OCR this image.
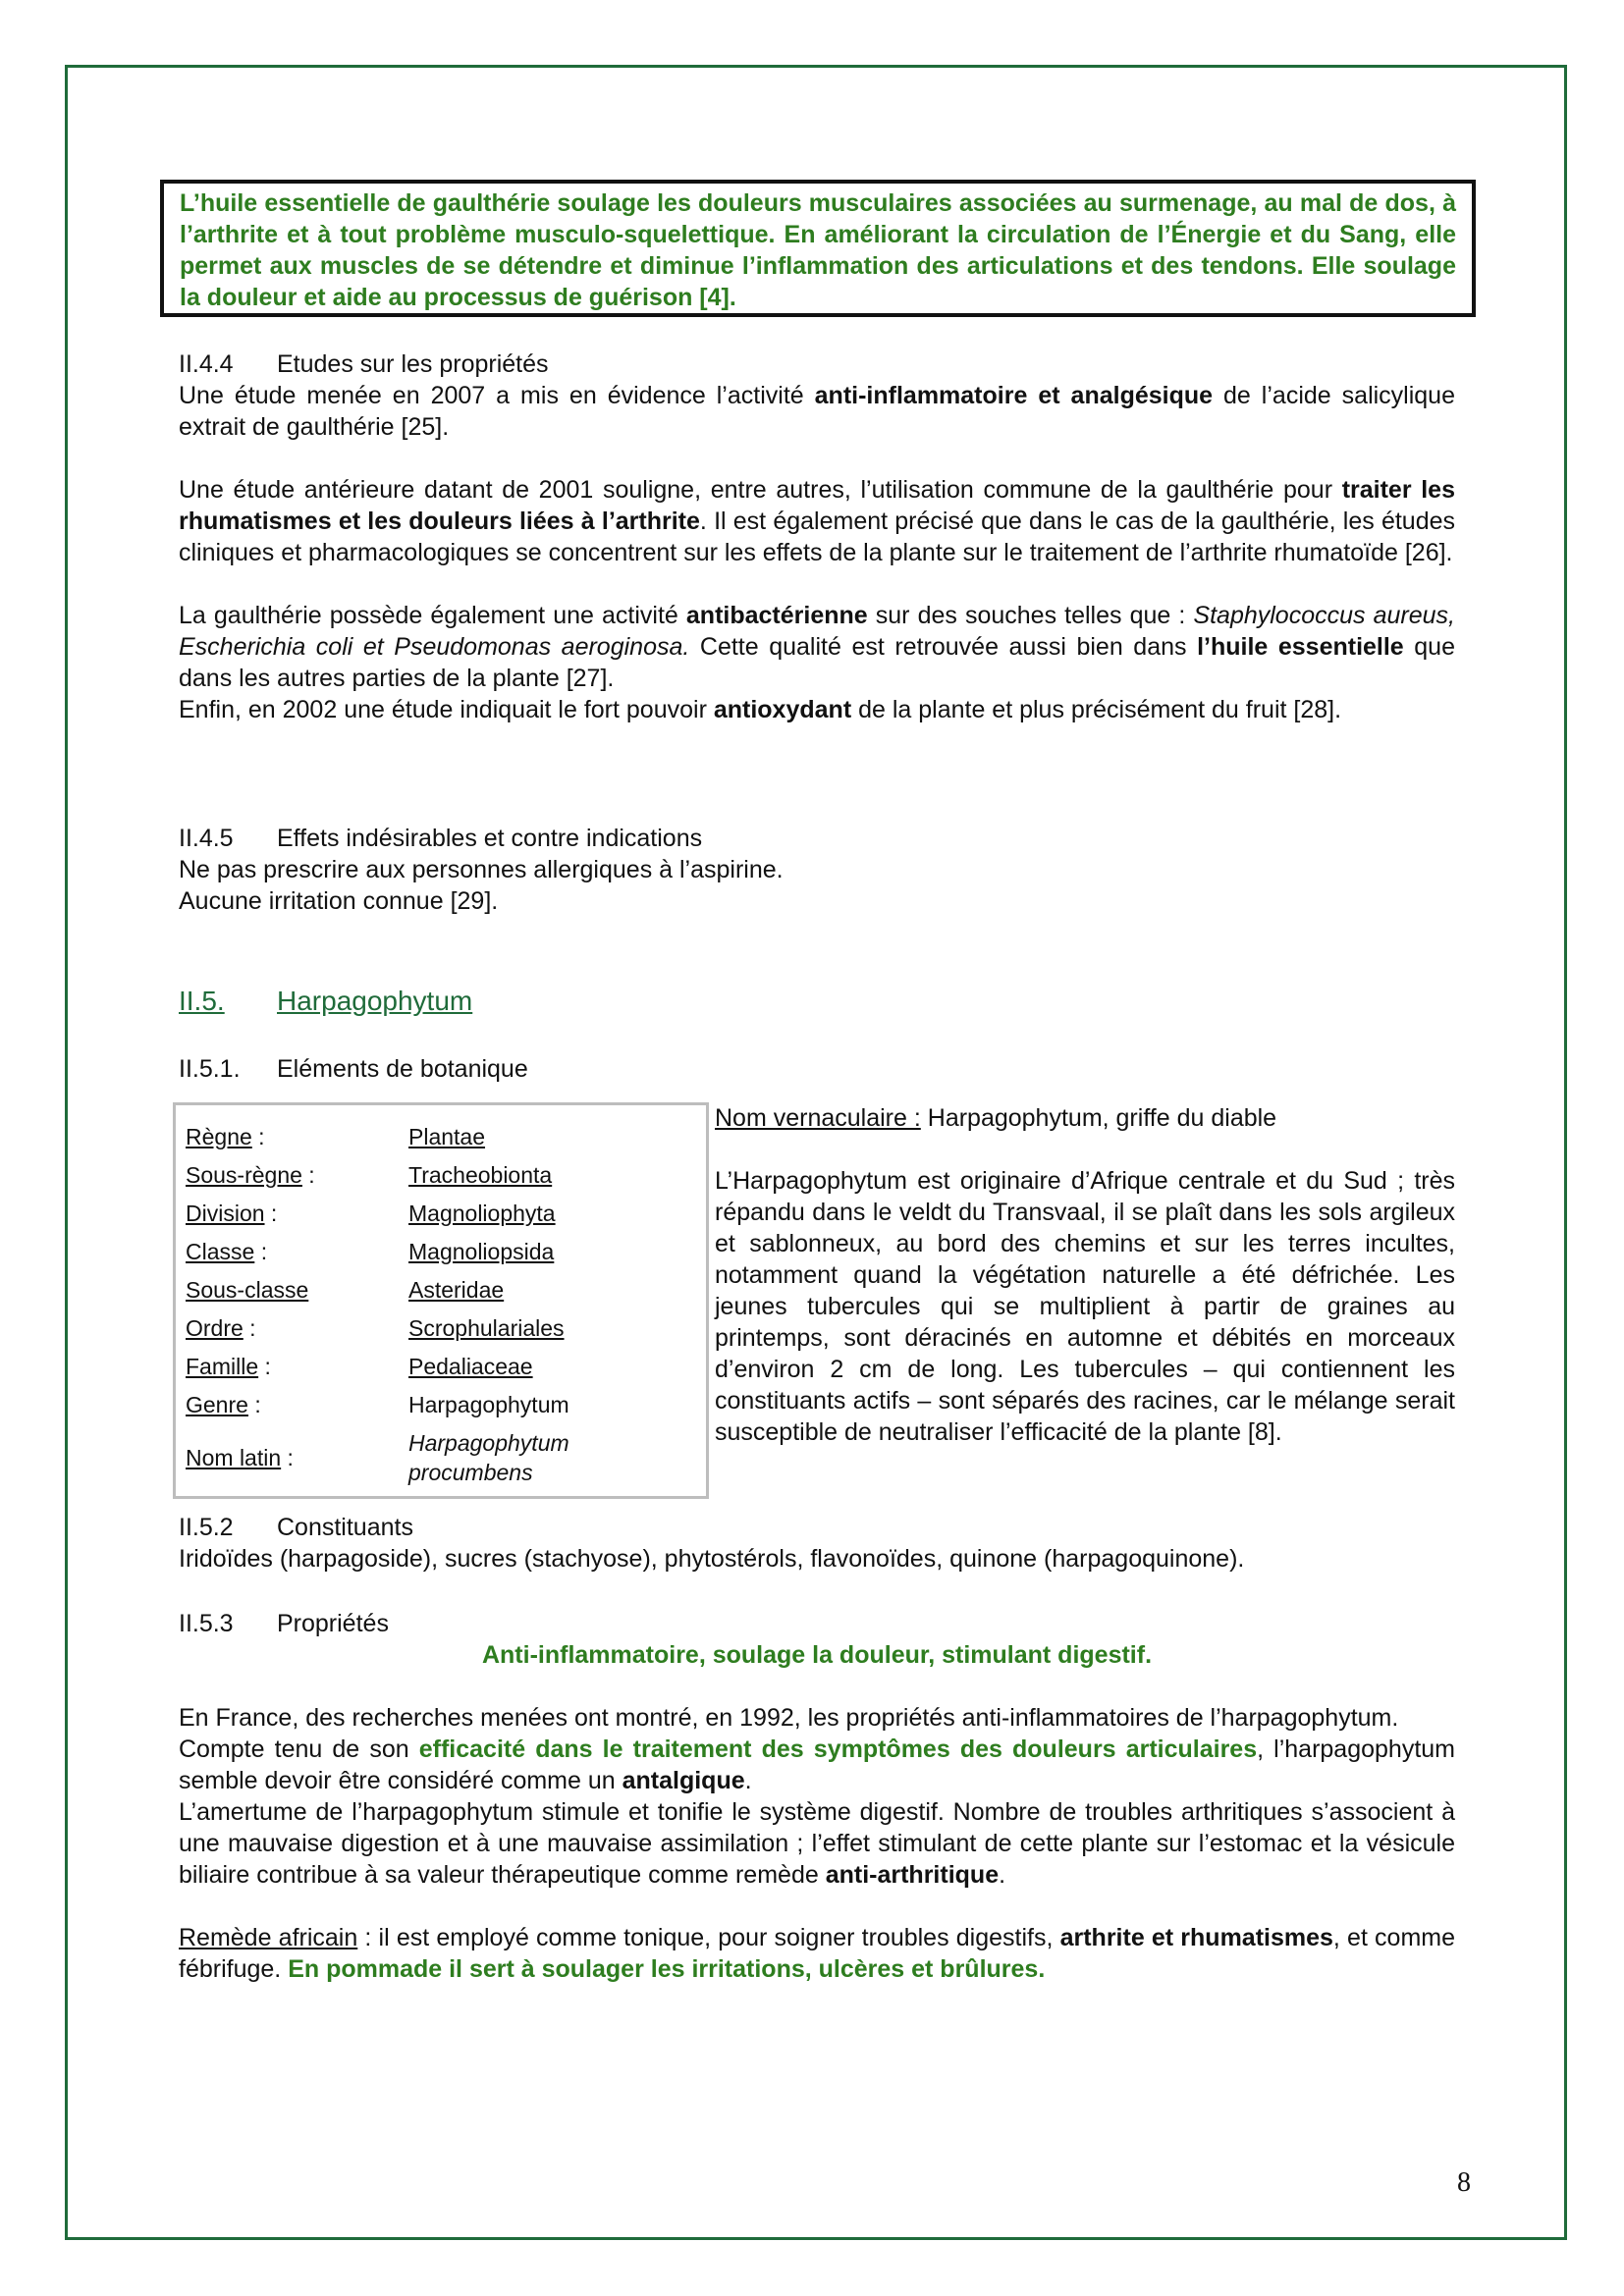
L’huile essentielle de gaulthérie soulage les douleurs musculaires associées au surmenage, au mal de dos, à l’arthrite et à tout problème musculo-squelettique. En améliorant la circulation de l’Énergie et du Sang, elle permet aux muscles de se détendre et diminue l’inflammation des articulations et des tendons. Elle soulage la douleur et aide au processus de guérison [4].
II.4.4	Etudes sur les propriétés

Une étude menée en 2007 a mis en évidence l’activité anti-inflammatoire et analgésique de l’acide salicylique extrait de gaulthérie [25].

Une étude antérieure datant de 2001 souligne, entre autres, l’utilisation commune de la gaulthérie pour traiter les rhumatismes et les douleurs liées à l’arthrite. Il est également précisé que dans le cas de la gaulthérie, les études cliniques et pharmacologiques se concentrent sur les effets de la plante sur le traitement de l’arthrite rhumatoïde [26].

La gaulthérie possède également une activité antibactérienne sur des souches telles que : Staphylococcus aureus, Escherichia coli et Pseudomonas aeroginosa. Cette qualité est retrouvée aussi bien dans l’huile essentielle que dans les autres parties de la plante [27].

Enfin, en 2002 une étude indiquait le fort pouvoir antioxydant de la plante et plus précisément du fruit [28].

II.4.5	Effets indésirables et contre indications

Ne pas prescrire aux personnes allergiques à l’aspirine.

Aucune irritation connue [29].

II.5.	Harpagophytum
II.5.1.	Eléments de botanique
Règne :	Plantae
Sous-règne :	Tracheobionta
Division :	Magnoliophyta
Classe :	Magnoliopsida
Sous-classe	Asteridae
Ordre :	Scrophulariales
Famille :	Pedaliaceae
Genre :	Harpagophytum
Nom latin :
Harpagophytum procumbens

Nom vernaculaire : Harpagophytum, griffe du diable

L’Harpagophytum est originaire d’Afrique centrale et du Sud ; très répandu dans le veldt du Transvaal, il se plaît dans les sols argileux et sablonneux, au bord des chemins et sur les terres incultes, notamment quand la végétation naturelle a été défrichée. Les jeunes tubercules qui se multiplient à partir de graines au printemps, sont déracinés en automne et débités en morceaux d’environ 2 cm de long. Les tubercules – qui contiennent les constituants actifs – sont séparés des racines, car le mélange serait susceptible de neutraliser l’efficacité de la plante [8].

II.5.2	Constituants

Iridoïdes (harpagoside), sucres (stachyose), phytostérols, flavonoïdes, quinone (harpagoquinone).

II.5.3	Propriétés

Anti-inflammatoire, soulage la douleur, stimulant digestif.

En France, des recherches menées ont montré, en 1992, les propriétés anti-inflammatoires de l’harpagophytum.

Compte tenu de son efficacité dans le traitement des symptômes des douleurs articulaires, l’harpagophytum semble devoir être considéré comme un antalgique.

L’amertume de l’harpagophytum stimule et tonifie le système digestif. Nombre de troubles arthritiques s’associent à une mauvaise digestion et à une mauvaise assimilation ; l’effet stimulant de cette plante sur l’estomac et la vésicule biliaire contribue à sa valeur thérapeutique comme remède anti-arthritique.

Remède africain : il est employé comme tonique, pour soigner troubles digestifs, arthrite et rhumatismes, et comme fébrifuge. En pommade il sert à soulager les irritations, ulcères et brûlures.

8
